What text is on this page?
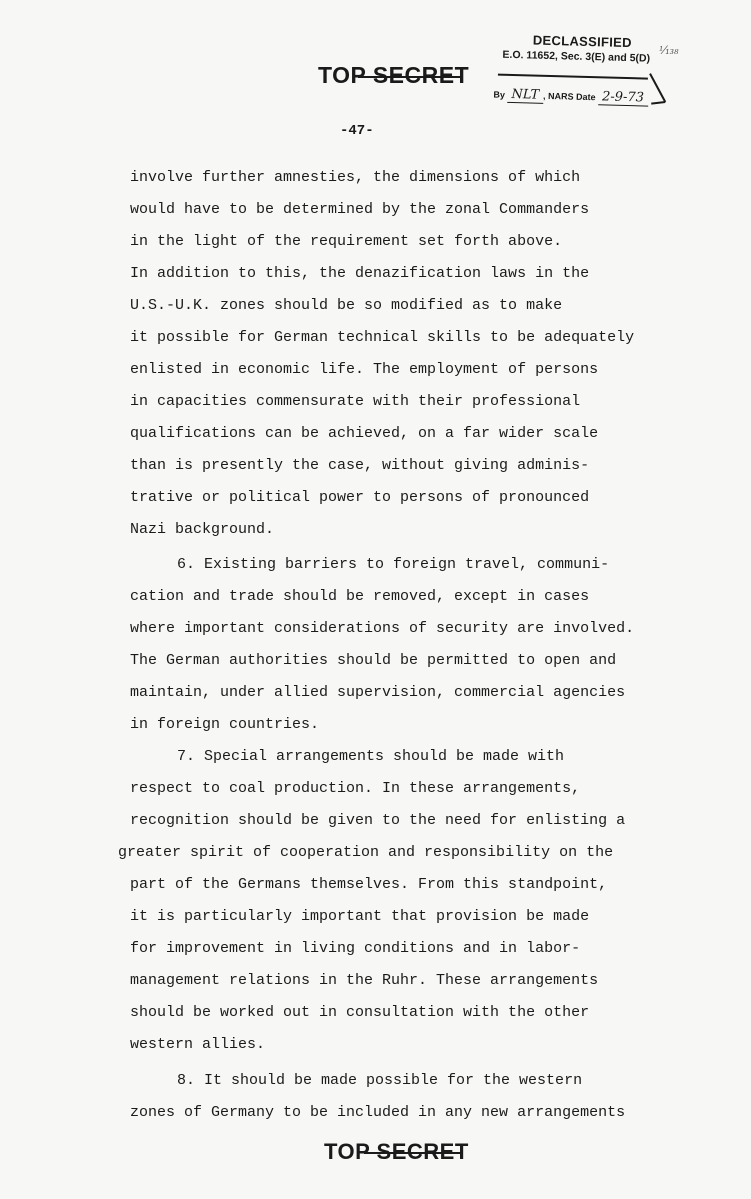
DECLASSIFIED
E.O. 11652, Sec. 3(E) and 5(D)
By NLT , NARS Date 2-9-73
¹⁄₁₃₈
TOP SECRET
-47-
involve further amnesties, the dimensions of which
would have to be determined by the zonal Commanders
in the light of the requirement set forth above.
In addition to this, the denazification laws in the
U.S.-U.K. zones should be so modified as to make
it possible for German technical skills to be adequately
enlisted in economic life. The employment of persons
in capacities commensurate with their professional
qualifications can be achieved, on a far wider scale
than is presently the case, without giving adminis-
trative or political power to persons of pronounced
Nazi background.
6. Existing barriers to foreign travel, communi-
cation and trade should be removed, except in cases
where important considerations of security are involved.
The German authorities should be permitted to open and
maintain, under allied supervision, commercial agencies
in foreign countries.
7. Special arrangements should be made with
respect to coal production. In these arrangements,
recognition should be given to the need for enlisting a
greater spirit of cooperation and responsibility on the
part of the Germans themselves. From this standpoint,
it is particularly important that provision be made
for improvement in living conditions and in labor-
management relations in the Ruhr. These arrangements
should be worked out in consultation with the other
western allies.
8. It should be made possible for the western
zones of Germany to be included in any new arrangements
TOP SECRET
